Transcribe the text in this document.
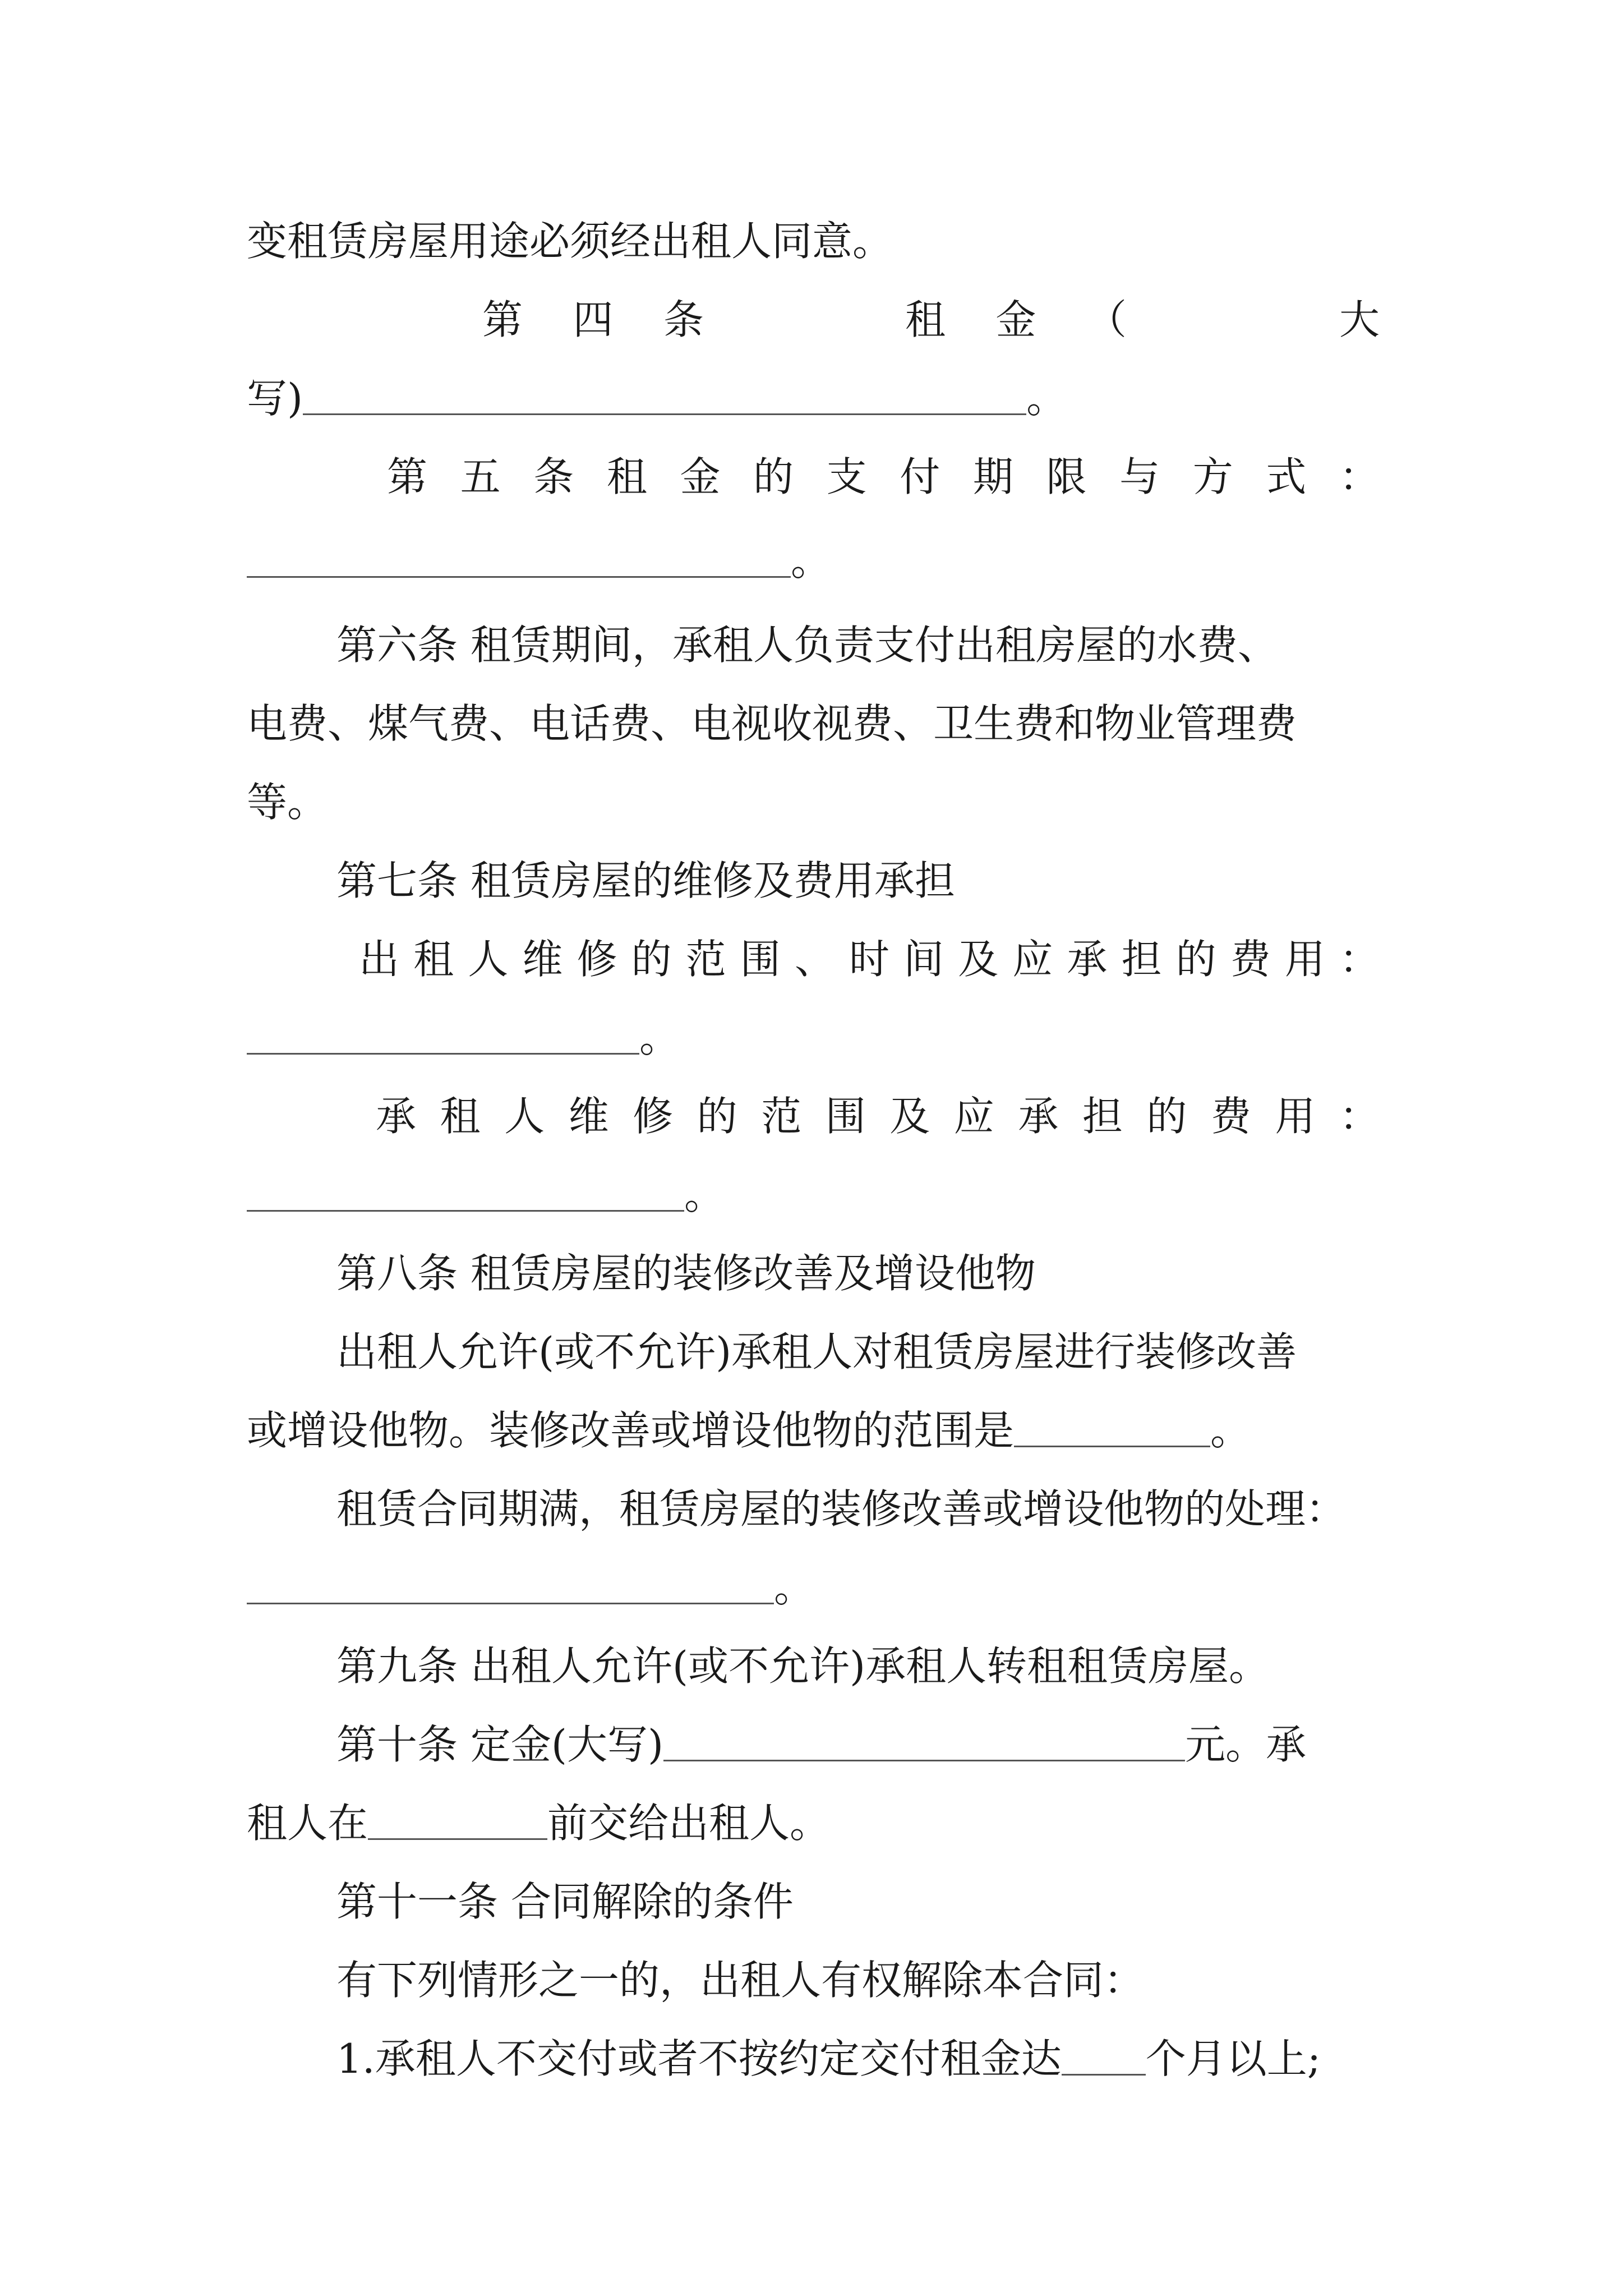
变租赁房屋用途必须经出租人同意。
第 四 条	租 金 （	大
写)	。
第 五 条 租 金 的 支 付 期 限 与 方 式 ：
。
第六条 租赁期间，承租人负责支付出租房屋的水费、
电费、煤气费、电话费、电视收视费、卫生费和物业管理费
等。
第七条 租赁房屋的维修及费用承担
出 租 人 维 修 的 范 围 、 时 间 及 应 承 担 的 费 用 ：
。
承 租 人 维 修 的 范 围 及 应 承 担 的 费 用 ：
。
第八条 租赁房屋的装修改善及增设他物
出租人允许(或不允许)承租人对租赁房屋进行装修改善
或增设他物。装修改善或增设他物的范围是	。
租赁合同期满，租赁房屋的装修改善或增设他物的处理：
。
第九条 出租人允许(或不允许)承租人转租租赁房屋。
第十条 定金(大写)	元。承
租人在	前交给出租人。
第十一条 合同解除的条件
有下列情形之一的，出租人有权解除本合同：
1.承租人不交付或者不按约定交付租金达 个月以上;
